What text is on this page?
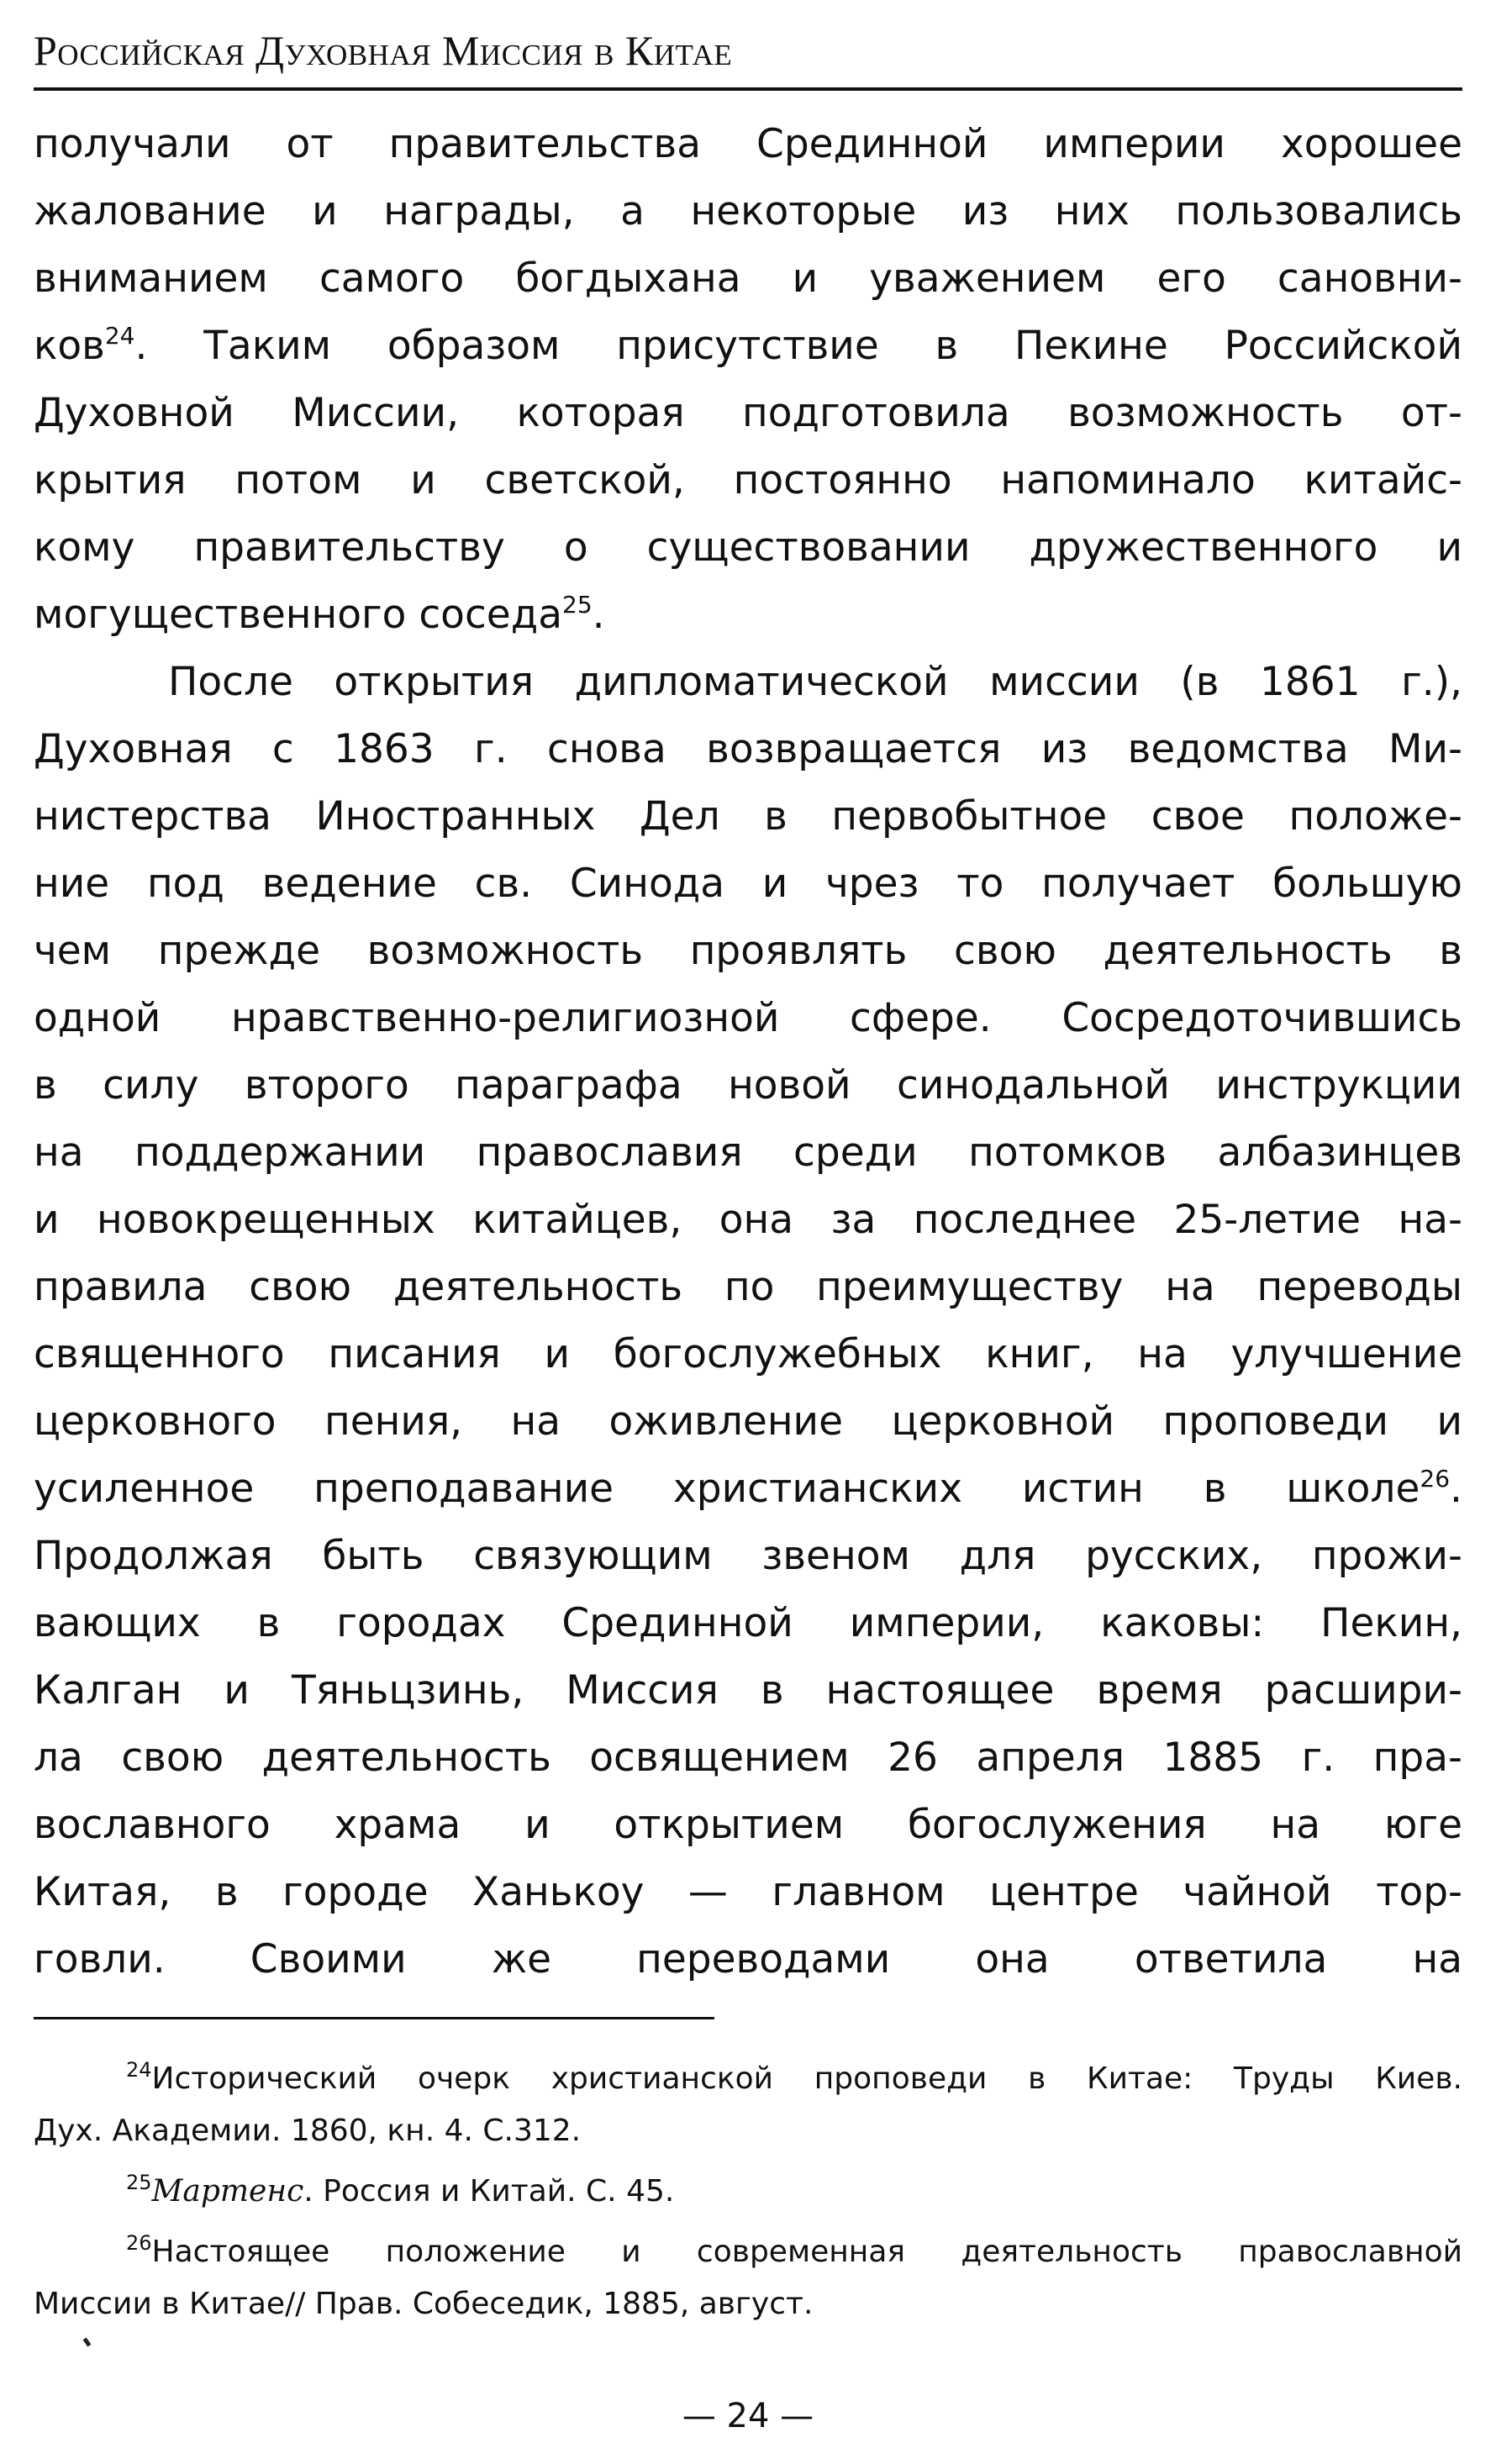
Российская Духовная Миссия в Китае
получали от правительства Срединной империи хорошее
жалование и награды, а некоторые из них пользовались
вниманием самого богдыхана и уважением его сановни-
ков$^{24}$. Таким образом присутствие в Пекине Российской
Духовной Миссии, которая подготовила возможность от-
крытия потом и светской, постоянно напоминало китайс-
кому правительству о существовании дружественного и
могущественного соседа$^{25}$.
После открытия дипломатической миссии (в 1861 г.),
Духовная с 1863 г. снова возвращается из ведомства Ми-
нистерства Иностранных Дел в первобытное свое положе-
ние под ведение св. Синода и чрез то получает большую
чем прежде возможность проявлять свою деятельность в
одной нравственно-религиозной сфере. Сосредоточившись
в силу второго параграфа новой синодальной инструкции
на поддержании православия среди потомков албазинцев
и новокрещенных китайцев, она за последнее 25-летие на-
правила свою деятельность по преимуществу на переводы
священного писания и богослужебных книг, на улучшение
церковного пения, на оживление церковной проповеди и
усиленное преподавание христианских истин в школе$^{26}$.
Продолжая быть связующим звеном для русских, прожи-
вающих в городах Срединной империи, каковы: Пекин,
Калган и Тяньцзинь, Миссия в настоящее время расшири-
ла свою деятельность освящением 26 апреля 1885 г. пра-
вославного храма и открытием богослужения на юге
Китая, в городе Ханькоу — главном центре чайной тор-
говли. Своими же переводами она ответила на
$^{24}$Исторический очерк христианской проповеди в Китае: Труды Киев.
Дух. Академии. 1860, кн. 4. С.312.
$^{25}$Мартенс. Россия и Китай. С. 45.
$^{26}$Настоящее положение и современная деятельность православной
Миссии в Китае// Прав. Собеседик, 1885, август.
— 24 —
